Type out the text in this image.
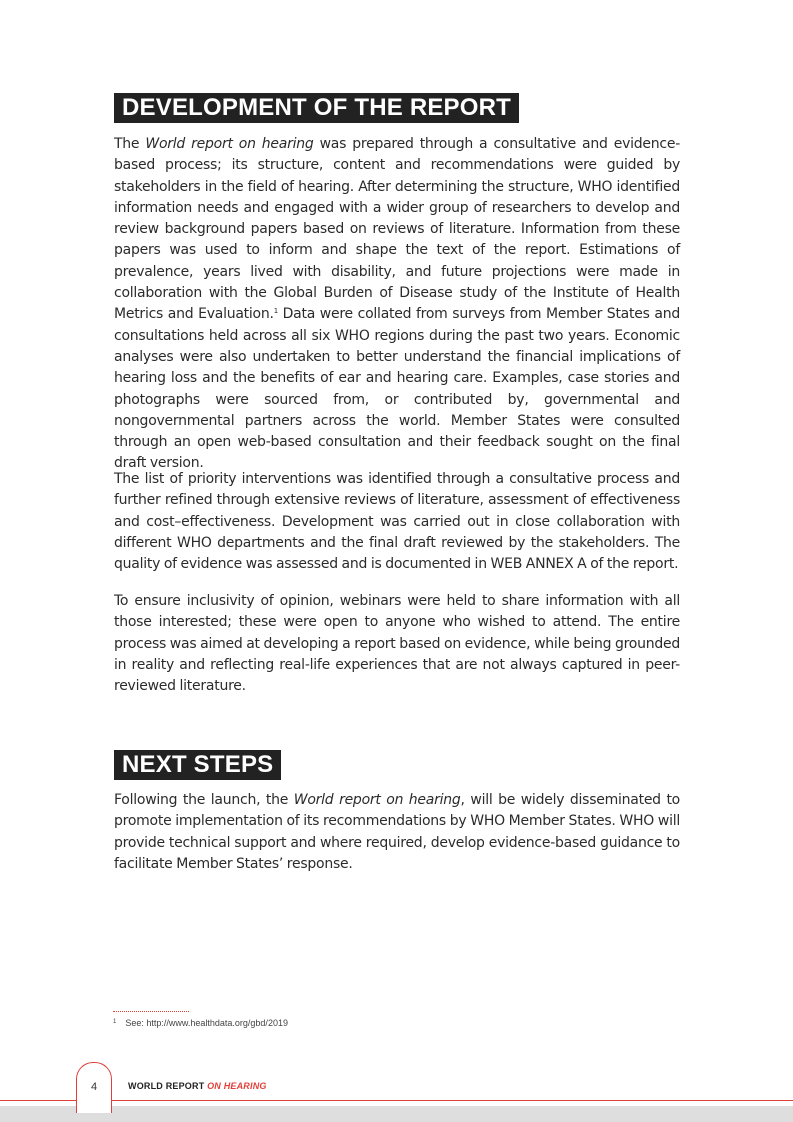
DEVELOPMENT OF THE REPORT

The World report on hearing was prepared through a consultative and evidence-based process; its structure, content and recommendations were guided by stakeholders in the field of hearing. After determining the structure, WHO identified information needs and engaged with a wider group of researchers to develop and review background papers based on reviews of literature. Information from these papers was used to inform and shape the text of the report. Estimations of prevalence, years lived with disability, and future projections were made in collaboration with the Global Burden of Disease study of the Institute of Health Metrics and Evaluation.$^1$ Data were collated from surveys from Member States and consultations held across all six WHO regions during the past two years. Economic analyses were also undertaken to better understand the financial implications of hearing loss and the benefits of ear and hearing care. Examples, case stories and photographs were sourced from, or contributed by, governmental and nongovernmental partners across the world. Member States were consulted through an open web-based consultation and their feedback sought on the final draft version.

The list of priority interventions was identified through a consultative process and further refined through extensive reviews of literature, assessment of effectiveness and cost–effectiveness. Development was carried out in close collaboration with different WHO departments and the final draft reviewed by the stakeholders. The quality of evidence was assessed and is documented in WEB ANNEX A of the report.

To ensure inclusivity of opinion, webinars were held to share information with all those interested; these were open to anyone who wished to attend. The entire process was aimed at developing a report based on evidence, while being grounded in reality and reflecting real-life experiences that are not always captured in peer-reviewed literature.

NEXT STEPS

Following the launch, the World report on hearing, will be widely disseminated to promote implementation of its recommendations by WHO Member States. WHO will provide technical support and where required, develop evidence-based guidance to facilitate Member States’ response.

$^1$ See: http://www.healthdata.org/gbd/2019
4	WORLD REPORT ON HEARING
